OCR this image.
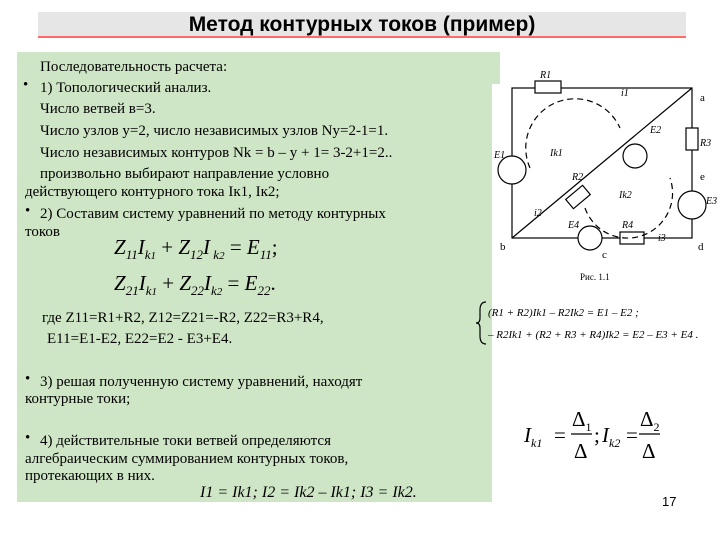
Метод контурных токов (пример)
Последовательность расчета:
• 1) Топологический анализ.
Число ветвей в=3.
Число узлов у=2, число независимых узлов Ny=2-1=1.
Число независимых контуров Nk = b – y + 1= 3-2+1=2..
произвольно выбирают направление условно
действующего контурного тока Iк1, Iк2;
• 2) Составим систему уравнений по методу контурных
токов
$Z_{11}I_k1 + Z_{12}I$ $_k2 = E_{11}$;
$Z_{21}I_k1 + Z_{22}I_k2 = E_{22}$.
где Z11=R1+R2, Z12=Z21=-R2, Z22=R3+R4,
E11=E1-E2, E22=E2 - E3+E4.
• 3) решая полученную систему уравнений, находят
контурные токи;
• 4) действительные токи ветвей определяются
алгебраическим суммированием контурных токов,
протекающих в них.
I1 = Ik1; I2 = Ik2 – Ik1; I3 = Ik2.
R1
i1	a
E2
R3
E1	Ik1
e
R2
Ik2
E3
i2
E4	R4
i3
b
c
d
Рис. 1.1
(R1 + R2)Ik1 – R2Ik2 = E1 – E2 ;
– R2Ik1 + (R2 + R3 + R4)Ik2 = E2 – E3 + E4 .
$I_{k1}$ =
$\Delta_1$
Δ
; $I_{k2}$ =
$\Delta_2$
Δ
17
